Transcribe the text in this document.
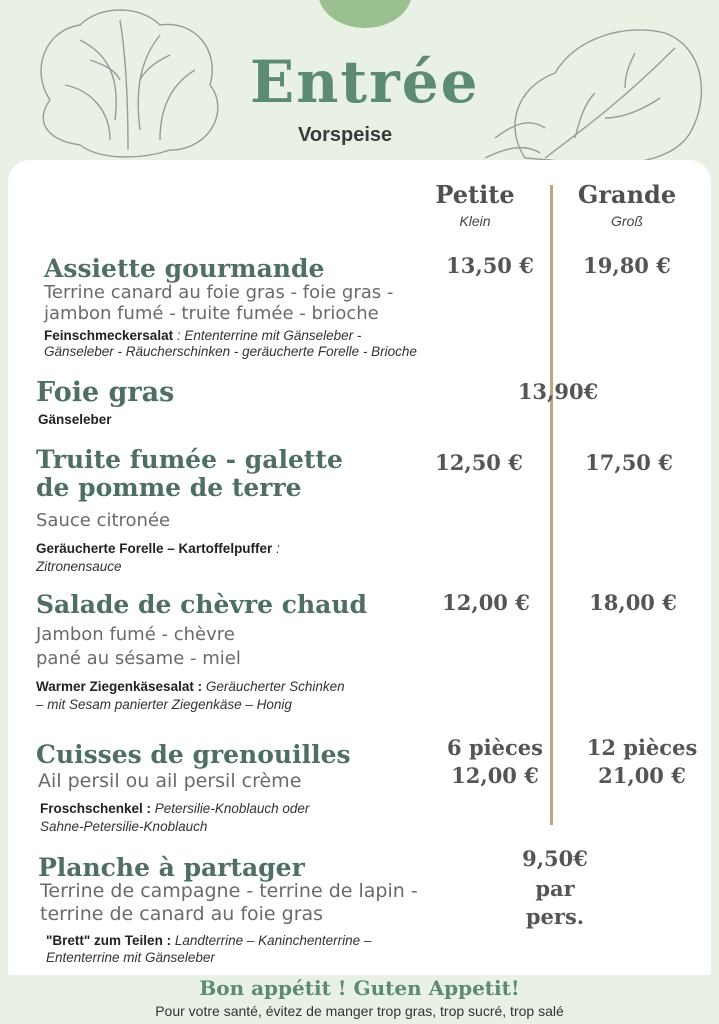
Entrée
Vorspeise
Petite
Klein
Grande
Groß
Assiette gourmande
Terrine canard au foie gras - foie gras -
jambon fumé - truite fumée - brioche
Feinschmeckersalat : Ententerrine mit Gänseleber -
Gänseleber - Räucherschinken - geräucherte Forelle - Brioche
13,50 € 19,80 €
Foie gras
Gänseleber
13,90€
Truite fumée - galette
de pomme de terre
Sauce citronée
Geräucherte Forelle – Kartoffelpuffer :
Zitronensauce
12,50 €	17,50 €
Salade de chèvre chaud
Jambon fumé - chèvre
pané au sésame - miel
Warmer Ziegenkäsesalat : Geräucherter Schinken
– mit Sesam panierter Ziegenkäse – Honig
12,00 €	18,00 €
Cuisses de grenouilles
Ail persil ou ail persil crème
Froschschenkel : Petersilie-Knoblauch oder
Sahne-Petersilie-Knoblauch
6 pièces
12,00 €
12 pièces
21,00 €
Planche à partager
Terrine de campagne - terrine de lapin -
terrine de canard au foie gras
"Brett" zum Teilen : Landterrine – Kaninchenterrine –
Ententerrine mit Gänseleber
9,50€
par
pers.
Bon appétit ! Guten Appetit!
Pour votre santé, évitez de manger trop gras, trop sucré, trop salé
